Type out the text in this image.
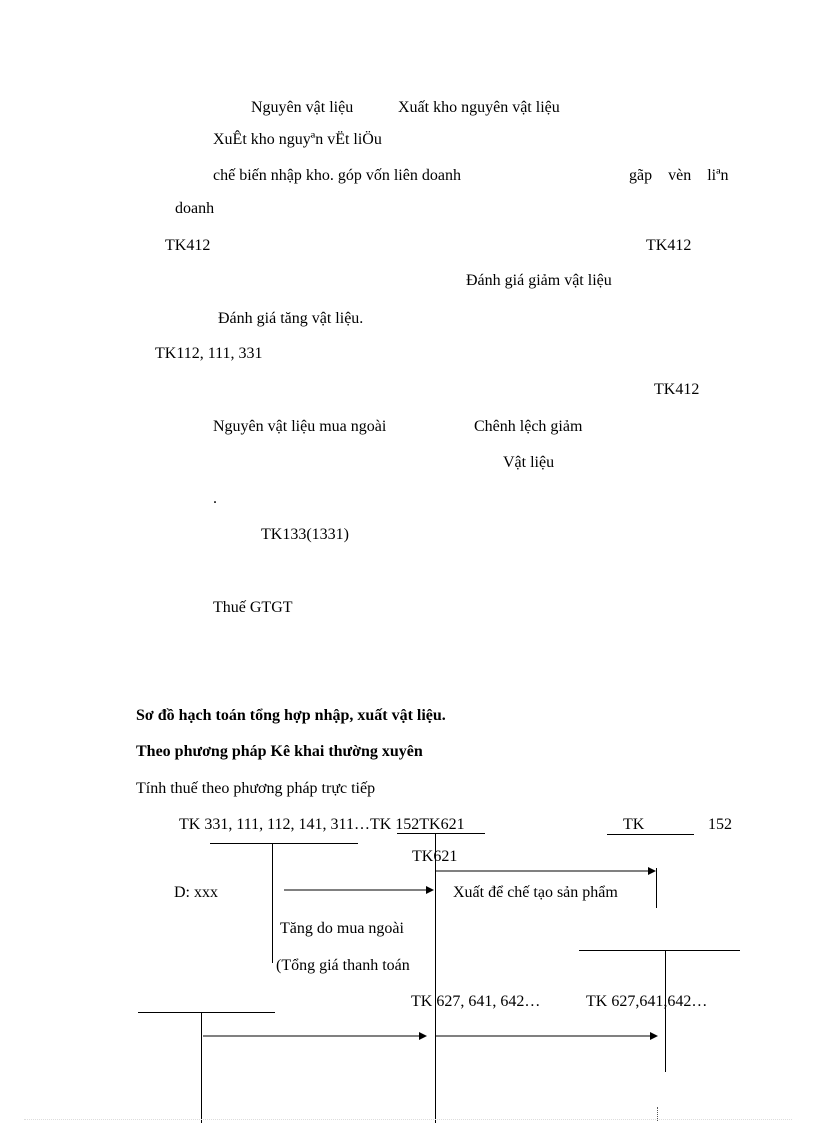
Nguyên vật liệu	Xuất kho nguyên vật liệu
XuÊt kho nguyªn vËt liÖu
chế biến nhập kho. góp vốn liên doanh	gãp vèn liªn
doanh
TK412	TK412
Đánh giá giảm vật liệu
Đánh giá tăng vật liệu.
TK112, 111, 331
TK412
Nguyên vật liệu mua ngoài	Chênh lệch giảm
Vật liệu
.
TK133(1331)
Thuế GTGT
Sơ đồ hạch toán tổng hợp nhập, xuất vật liệu.
Theo phương pháp Kê khai thường xuyên
Tính thuế theo phương pháp trực tiếp
TK 331, 111, 112, 141, 311…TK 152TK621	TK	152
TK621
D: xxx	Xuất để chế tạo sản phẩm
Tăng do mua ngoài
(Tổng giá thanh toán
TK 627, 641, 642…	TK 627,641,642…
